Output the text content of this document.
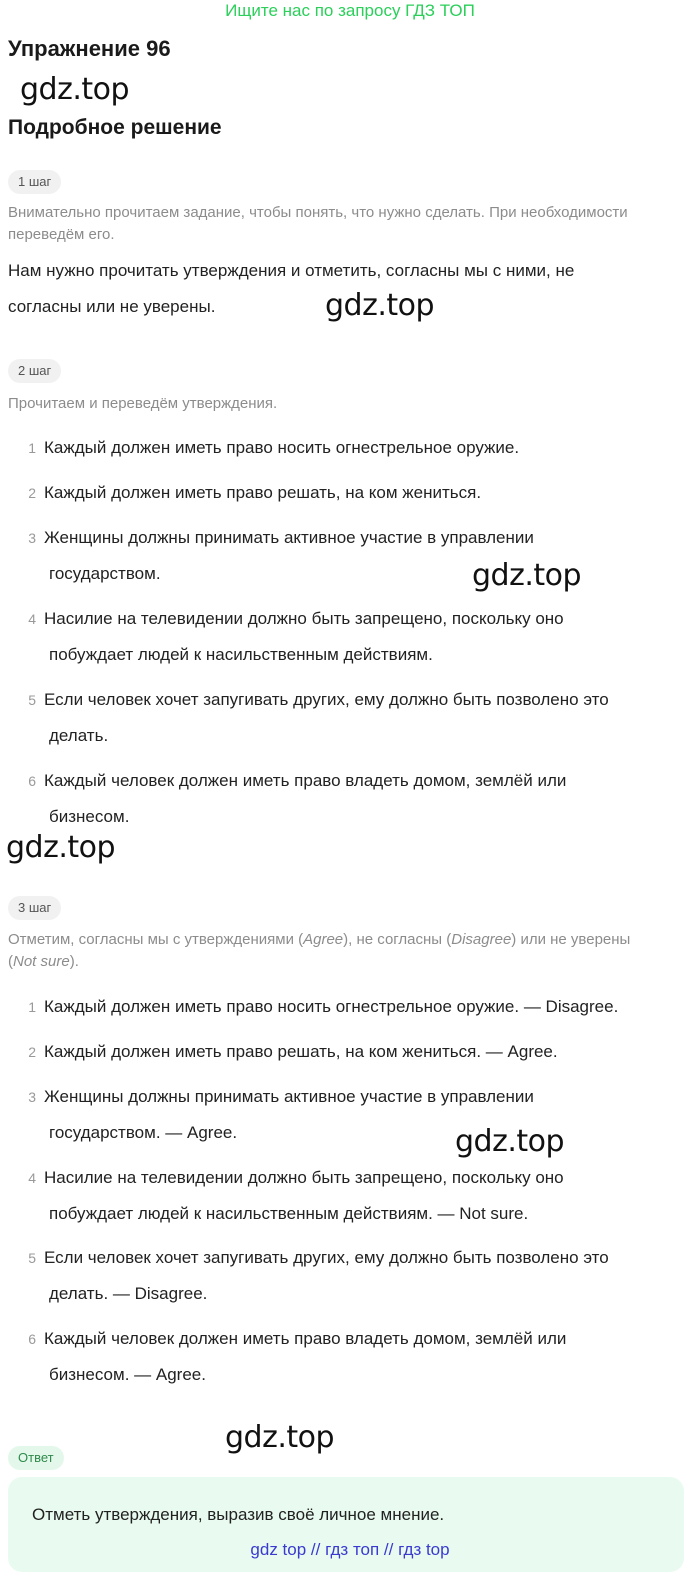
Ищите нас по запросу ГДЗ ТОП
Упражнение 96
gdz.top
Подробное решение
1 шаг
Внимательно прочитаем задание, чтобы понять, что нужно сделать. При необходимости переведём его.
Нам нужно прочитать утверждения и отметить, согласны мы с ними, не
согласны или не уверены.	gdz.top
2 шаг
Прочитаем и переведём утверждения.
1 Каждый должен иметь право носить огнестрельное оружие.
2 Каждый должен иметь право решать, на ком жениться.
3 Женщины должны принимать активное участие в управлении
государством.	gdz.top
4 Насилие на телевидении должно быть запрещено, поскольку оно
побуждает людей к насильственным действиям.
5 Если человек хочет запугивать других, ему должно быть позволено это
делать.
6 Каждый человек должен иметь право владеть домом, землёй или
бизнесом.
gdz.top
3 шаг
Отметим, согласны мы с утверждениями (Agree), не согласны (Disagree) или не уверены
(Not sure).
1 Каждый должен иметь право носить огнестрельное оружие. — Disagree.
2 Каждый должен иметь право решать, на ком жениться. — Agree.
3 Женщины должны принимать активное участие в управлении
государством. — Agree.	gdz.top
4 Насилие на телевидении должно быть запрещено, поскольку оно
побуждает людей к насильственным действиям. — Not sure.
5 Если человек хочет запугивать других, ему должно быть позволено это
делать. — Disagree.
6 Каждый человек должен иметь право владеть домом, землёй или
бизнесом. — Agree.
Ответ
gdz.top
Отметь утверждения, выразив своё личное мнение.
gdz top // гдз топ // гдз top
